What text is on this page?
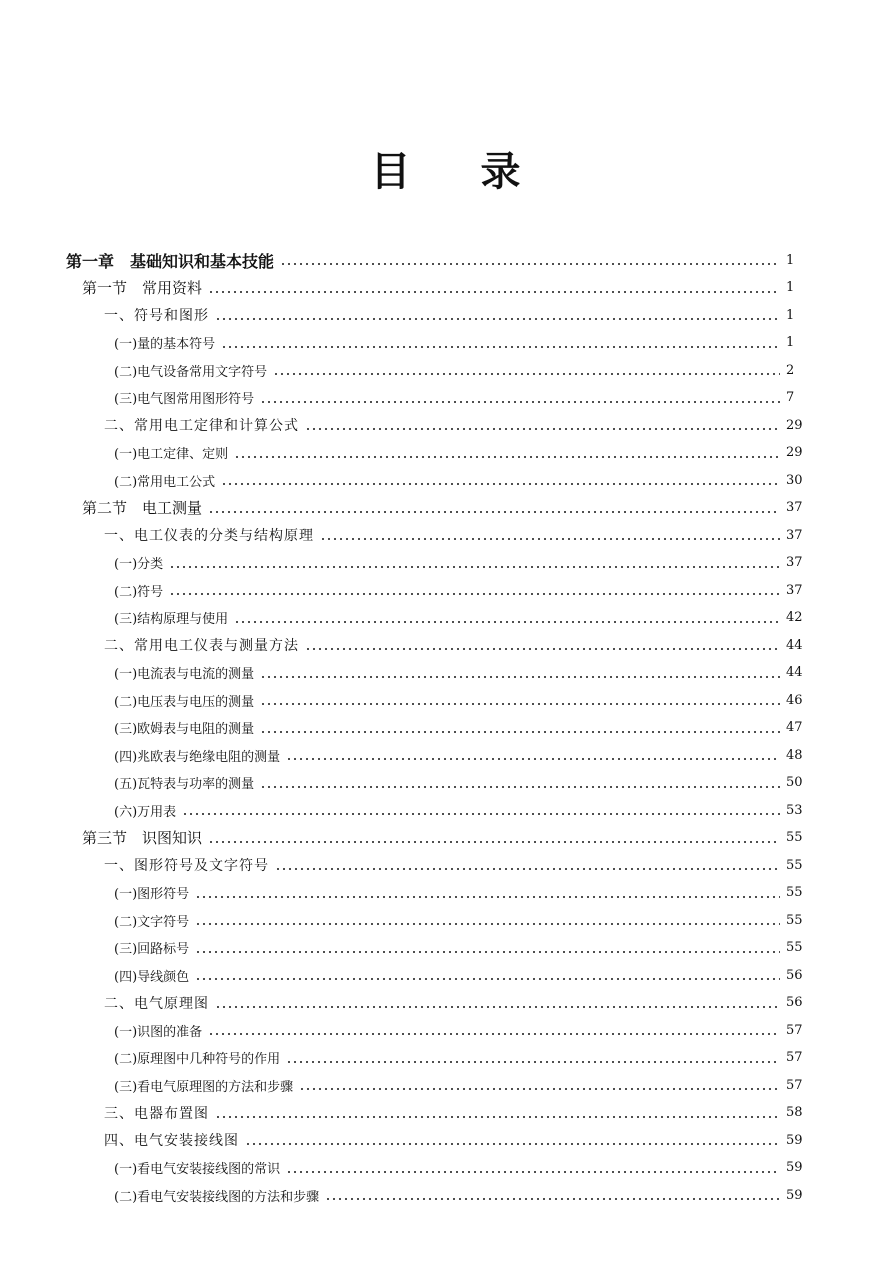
目 录
第一章　基础知识和基本技能	1
第一节　常用资料	1
一、符号和图形	1
(一)量的基本符号	1
(二)电气设备常用文字符号	2
(三)电气图常用图形符号	7
二、常用电工定律和计算公式	29
(一)电工定律、定则	29
(二)常用电工公式	30
第二节　电工测量	37
一、电工仪表的分类与结构原理	37
(一)分类	37
(二)符号	37
(三)结构原理与使用	42
二、常用电工仪表与测量方法	44
(一)电流表与电流的测量	44
(二)电压表与电压的测量	46
(三)欧姆表与电阻的测量	47
(四)兆欧表与绝缘电阻的测量	48
(五)瓦特表与功率的测量	50
(六)万用表	53
第三节　识图知识	55
一、图形符号及文字符号	55
(一)图形符号	55
(二)文字符号	55
(三)回路标号	55
(四)导线颜色	56
二、电气原理图	56
(一)识图的准备	57
(二)原理图中几种符号的作用	57
(三)看电气原理图的方法和步骤	57
三、电器布置图	58
四、电气安装接线图	59
(一)看电气安装接线图的常识	59
(二)看电气安装接线图的方法和步骤	59
